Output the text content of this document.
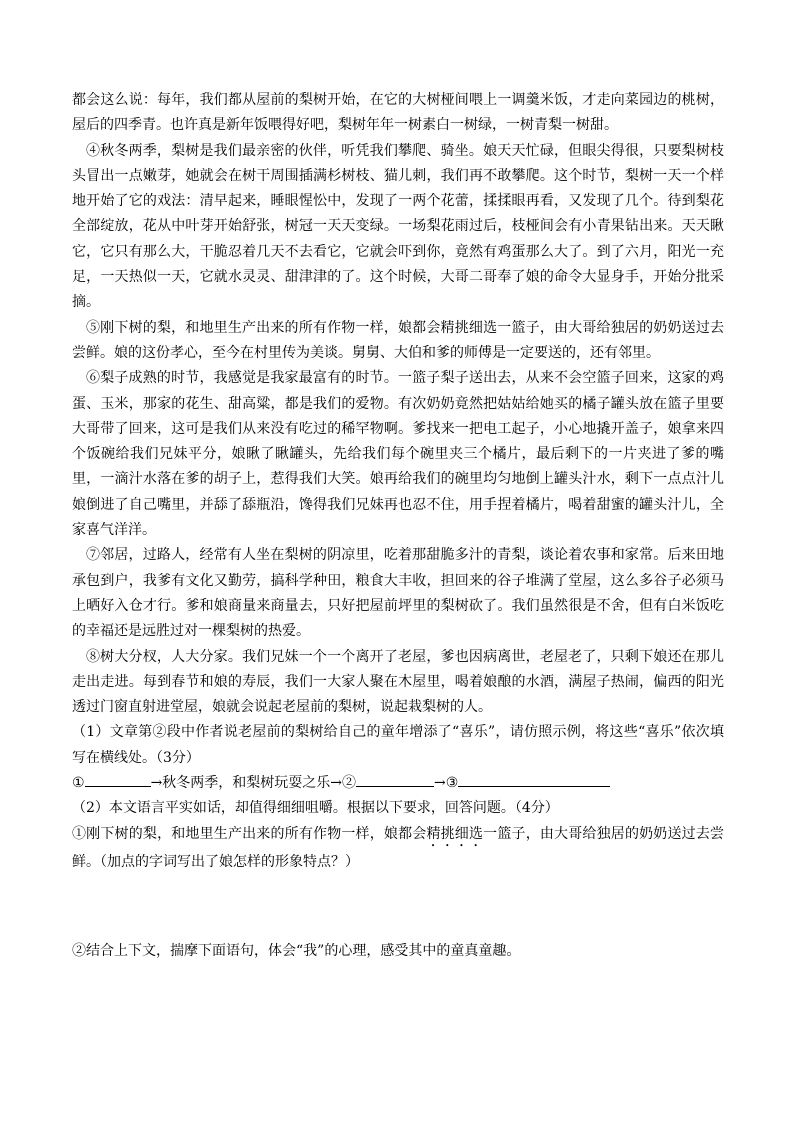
都会这么说：每年，我们都从屋前的梨树开始，在它的大树桠间喂上一调羹米饭，才走向菜园边的桃树，屋后的四季青。也许真是新年饭喂得好吧，梨树年年一树素白一树绿，一树青梨一树甜。

④秋冬两季，梨树是我们最亲密的伙伴，听凭我们攀爬、骑坐。娘天天忙碌，但眼尖得很，只要梨树枝头冒出一点嫩芽，她就会在树干周围插满杉树枝、猫儿刺，我们再不敢攀爬。这个时节，梨树一天一个样地开始了它的戏法：清早起来，睡眼惺忪中，发现了一两个花蕾，揉揉眼再看，又发现了几个。待到梨花全部绽放，花从中叶芽开始舒张，树冠一天天变绿。一场梨花雨过后，枝桠间会有小青果钻出来。天天瞅它，它只有那么大，干脆忍着几天不去看它，它就会吓到你，竟然有鸡蛋那么大了。到了六月，阳光一充足，一天热似一天，它就水灵灵、甜津津的了。这个时候，大哥二哥奉了娘的命令大显身手，开始分批采摘。

⑤刚下树的梨，和地里生产出来的所有作物一样，娘都会精挑细选一篮子，由大哥给独居的奶奶送过去尝鲜。娘的这份孝心，至今在村里传为美谈。舅舅、大伯和爹的师傅是一定要送的，还有邻里。

⑥梨子成熟的时节，我感觉是我家最富有的时节。一篮子梨子送出去，从来不会空篮子回来，这家的鸡蛋、玉米，那家的花生、甜高粱，都是我们的爱物。有次奶奶竟然把姑姑给她买的橘子罐头放在篮子里要大哥带了回来，这可是我们从来没有吃过的稀罕物啊。爹找来一把电工起子，小心地撬开盖子，娘拿来四个饭碗给我们兄妹平分，娘瞅了瞅罐头，先给我们每个碗里夹三个橘片，最后剩下的一片夹进了爹的嘴里，一滴汁水落在爹的胡子上，惹得我们大笑。娘再给我们的碗里均匀地倒上罐头汁水，剩下一点点汁儿娘倒进了自己嘴里，并舔了舔瓶沿，馋得我们兄妹再也忍不住，用手捏着橘片，喝着甜蜜的罐头汁儿，全家喜气洋洋。

⑦邻居，过路人，经常有人坐在梨树的阴凉里，吃着那甜脆多汁的青梨，谈论着农事和家常。后来田地承包到户，我爹有文化又勤劳，搞科学种田，粮食大丰收，担回来的谷子堆满了堂屋，这么多谷子必须马上晒好入仓才行。爹和娘商量来商量去，只好把屋前坪里的梨树砍了。我们虽然很是不舍，但有白米饭吃的幸福还是远胜过对一棵梨树的热爱。

⑧树大分杈，人大分家。我们兄妹一个一个离开了老屋，爹也因病离世，老屋老了，只剩下娘还在那儿走出走进。每到春节和娘的寿辰，我们一大家人聚在木屋里，喝着娘酿的水酒，满屋子热闹，偏西的阳光透过门窗直射进堂屋，娘就会说起老屋前的梨树，说起栽梨树的人。

（1）文章第②段中作者说老屋前的梨树给自己的童年增添了“喜乐”，请仿照示例，将这些“喜乐”依次填写在横线处。（3分）

①	→秋冬两季，和梨树玩耍之乐→②	→③

（2）本文语言平实如话，却值得细细咀嚼。根据以下要求，回答问题。（4分）

①刚下树的梨，和地里生产出来的所有作物一样，娘都会精挑细选一篮子，由大哥给独居的奶奶送过去尝鲜。（加点的字词写出了娘怎样的形象特点？）

②结合上下文，揣摩下面语句，体会“我”的心理，感受其中的童真童趣。
